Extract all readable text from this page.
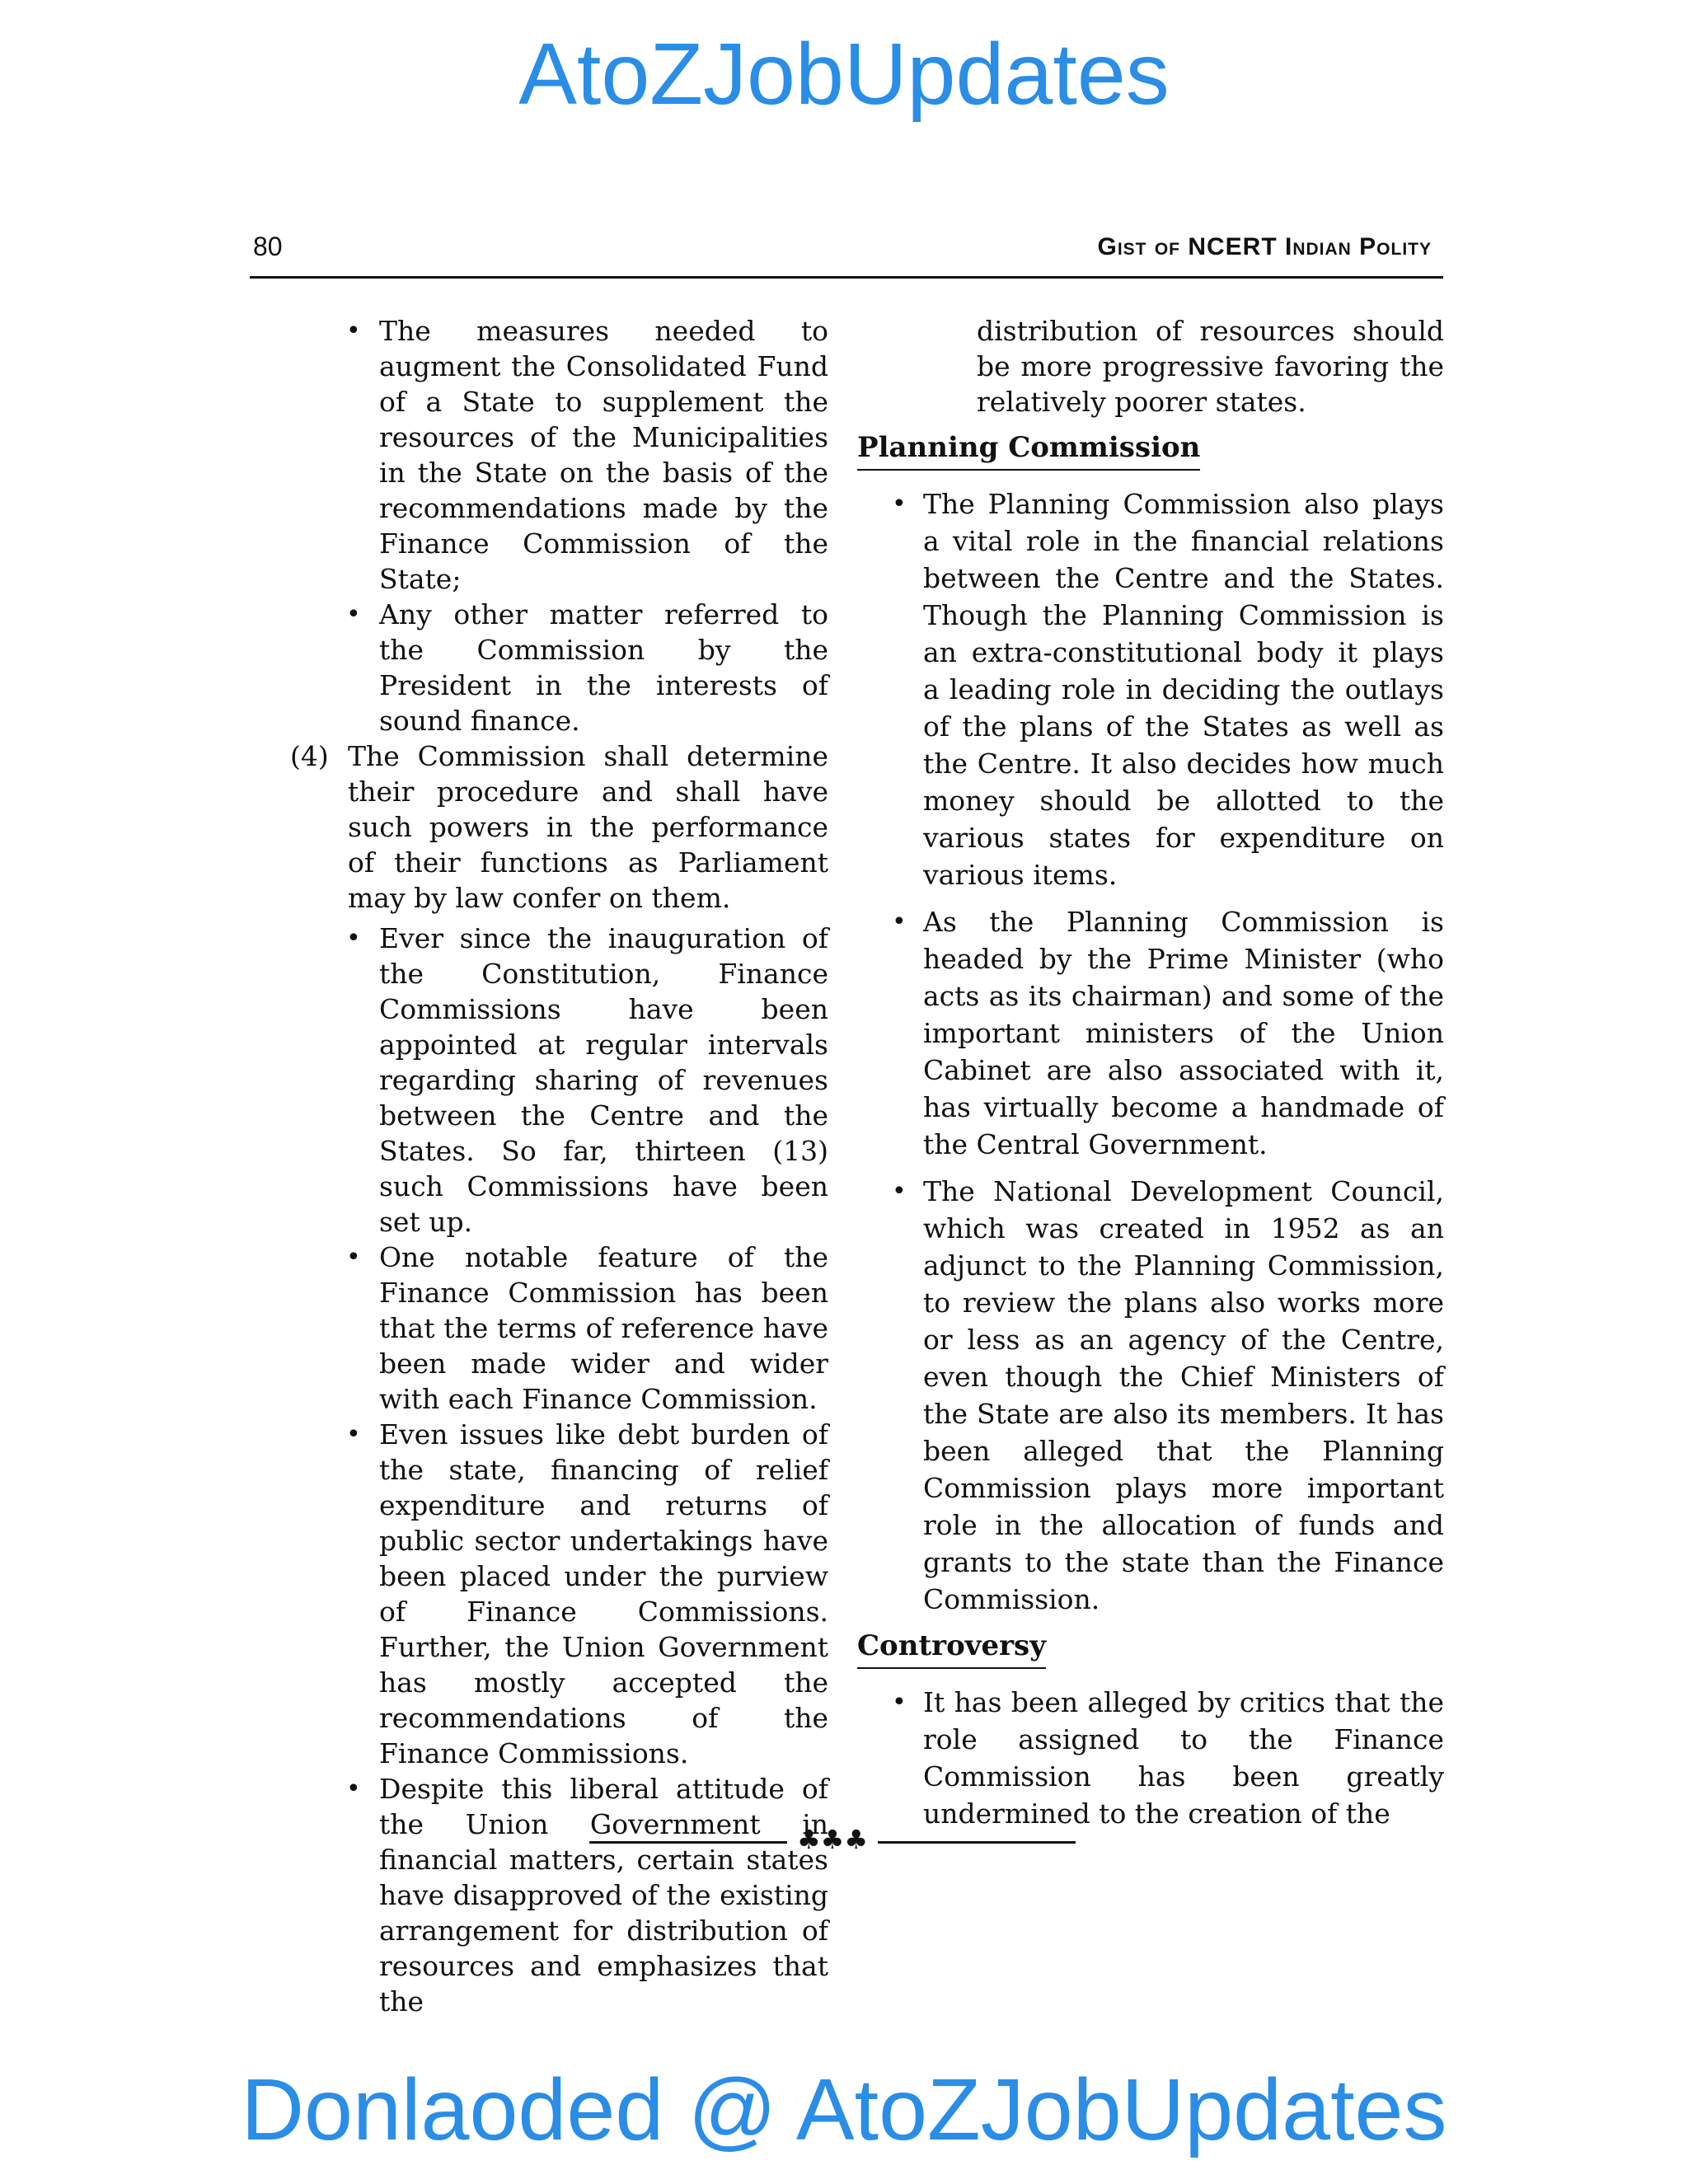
AtoZJobUpdates
80	Gist of NCERT Indian Polity
• The measures needed to augment the Consolidated Fund of a State to supplement the resources of the Municipalities in the State on the basis of the recommendations made by the Finance Commission of the State;
• Any other matter referred to the Commission by the President in the interests of sound finance.
(4) The Commission shall determine their procedure and shall have such powers in the performance of their functions as Parliament may by law confer on them.
• Ever since the inauguration of the Constitution, Finance Commissions have been appointed at regular intervals regarding sharing of revenues between the Centre and the States. So far, thirteen (13) such Commissions have been set up.
• One notable feature of the Finance Commission has been that the terms of reference have been made wider and wider with each Finance Commission.
• Even issues like debt burden of the state, financing of relief expenditure and returns of public sector undertakings have been placed under the purview of Finance Commissions. Further, the Union Government has mostly accepted the recommendations of the Finance Commissions.
• Despite this liberal attitude of the Union Government in financial matters, certain states have disapproved of the existing arrangement for distribution of resources and emphasizes that the

distribution of resources should be more progressive favoring the relatively poorer states.

Planning Commission
• The Planning Commission also plays a vital role in the financial relations between the Centre and the States. Though the Planning Commission is an extra-constitutional body it plays a leading role in deciding the outlays of the plans of the States as well as the Centre. It also decides how much money should be allotted to the various states for expenditure on various items.
• As the Planning Commission is headed by the Prime Minister (who acts as its chairman) and some of the important ministers of the Union Cabinet are also associated with it, has virtually become a handmade of the Central Government.
• The National Development Council, which was created in 1952 as an adjunct to the Planning Commission, to review the plans also works more or less as an agency of the Centre, even though the Chief Ministers of the State are also its members. It has been alleged that the Planning Commission plays more important role in the allocation of funds and grants to the state than the Finance Commission.
Controversy
• It has been alleged by critics that the role assigned to the Finance Commission has been greatly undermined to the creation of the
♣♣♣
Donlaoded @ AtoZJobUpdates
